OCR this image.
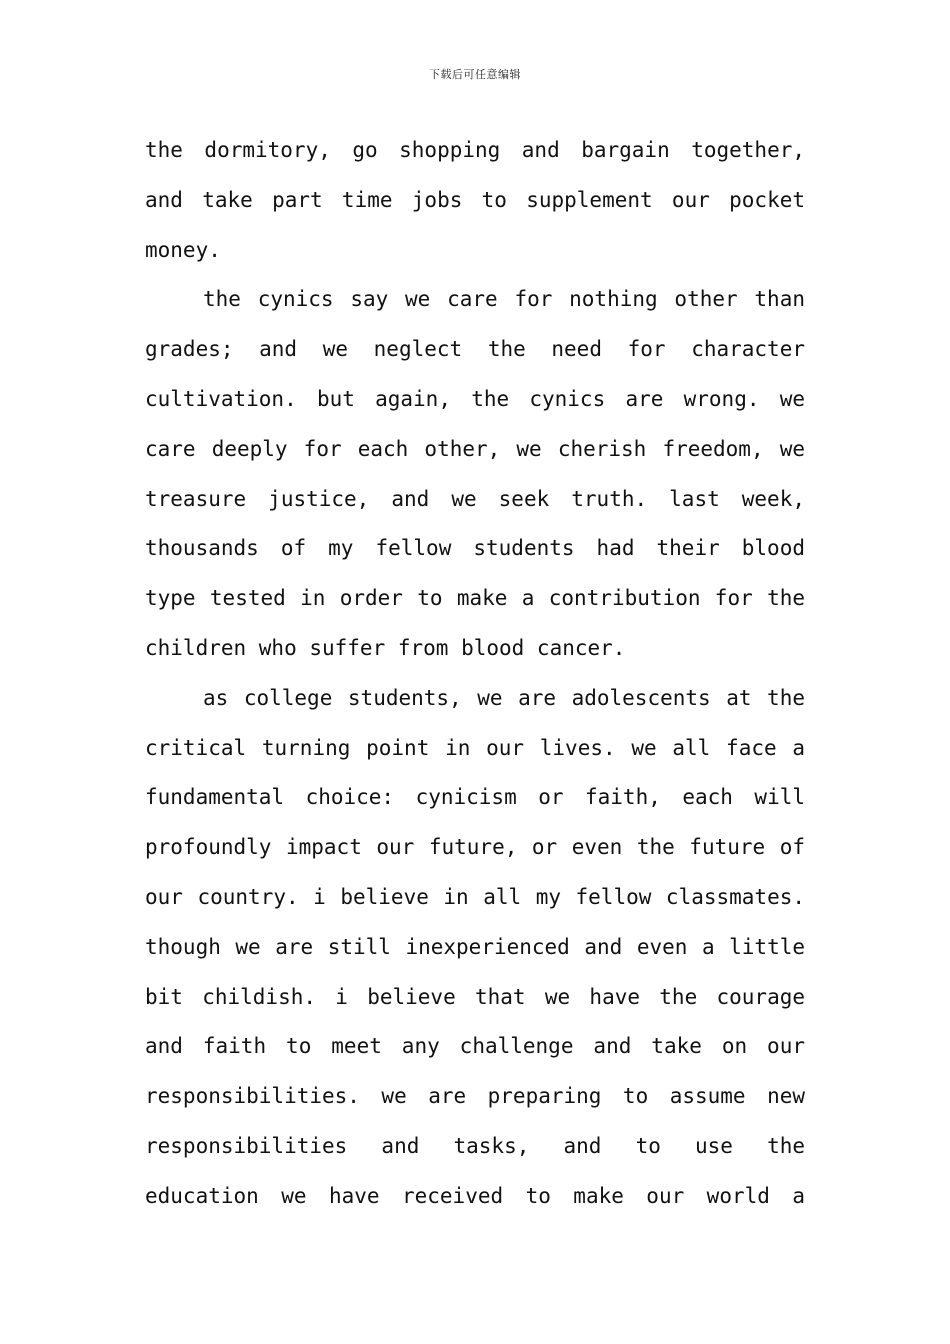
下载后可任意编辑
the dormitory, go shopping and bargain together,
and take part time jobs to supplement our pocket
money.
the cynics say we care for nothing other than
grades; and we neglect the need for character
cultivation. but again, the cynics are wrong. we
care deeply for each other, we cherish freedom, we
treasure justice, and we seek truth. last week,
thousands of my fellow students had their blood
type tested in order to make a contribution for the
children who suffer from blood cancer.
as college students, we are adolescents at the
critical turning point in our lives. we all face a
fundamental choice: cynicism or faith, each will
profoundly impact our future, or even the future of
our country. i believe in all my fellow classmates.
though we are still inexperienced and even a little
bit childish. i believe that we have the courage
and faith to meet any challenge and take on our
responsibilities. we are preparing to assume new
responsibilities and tasks, and to use the
education we have received to make our world a
